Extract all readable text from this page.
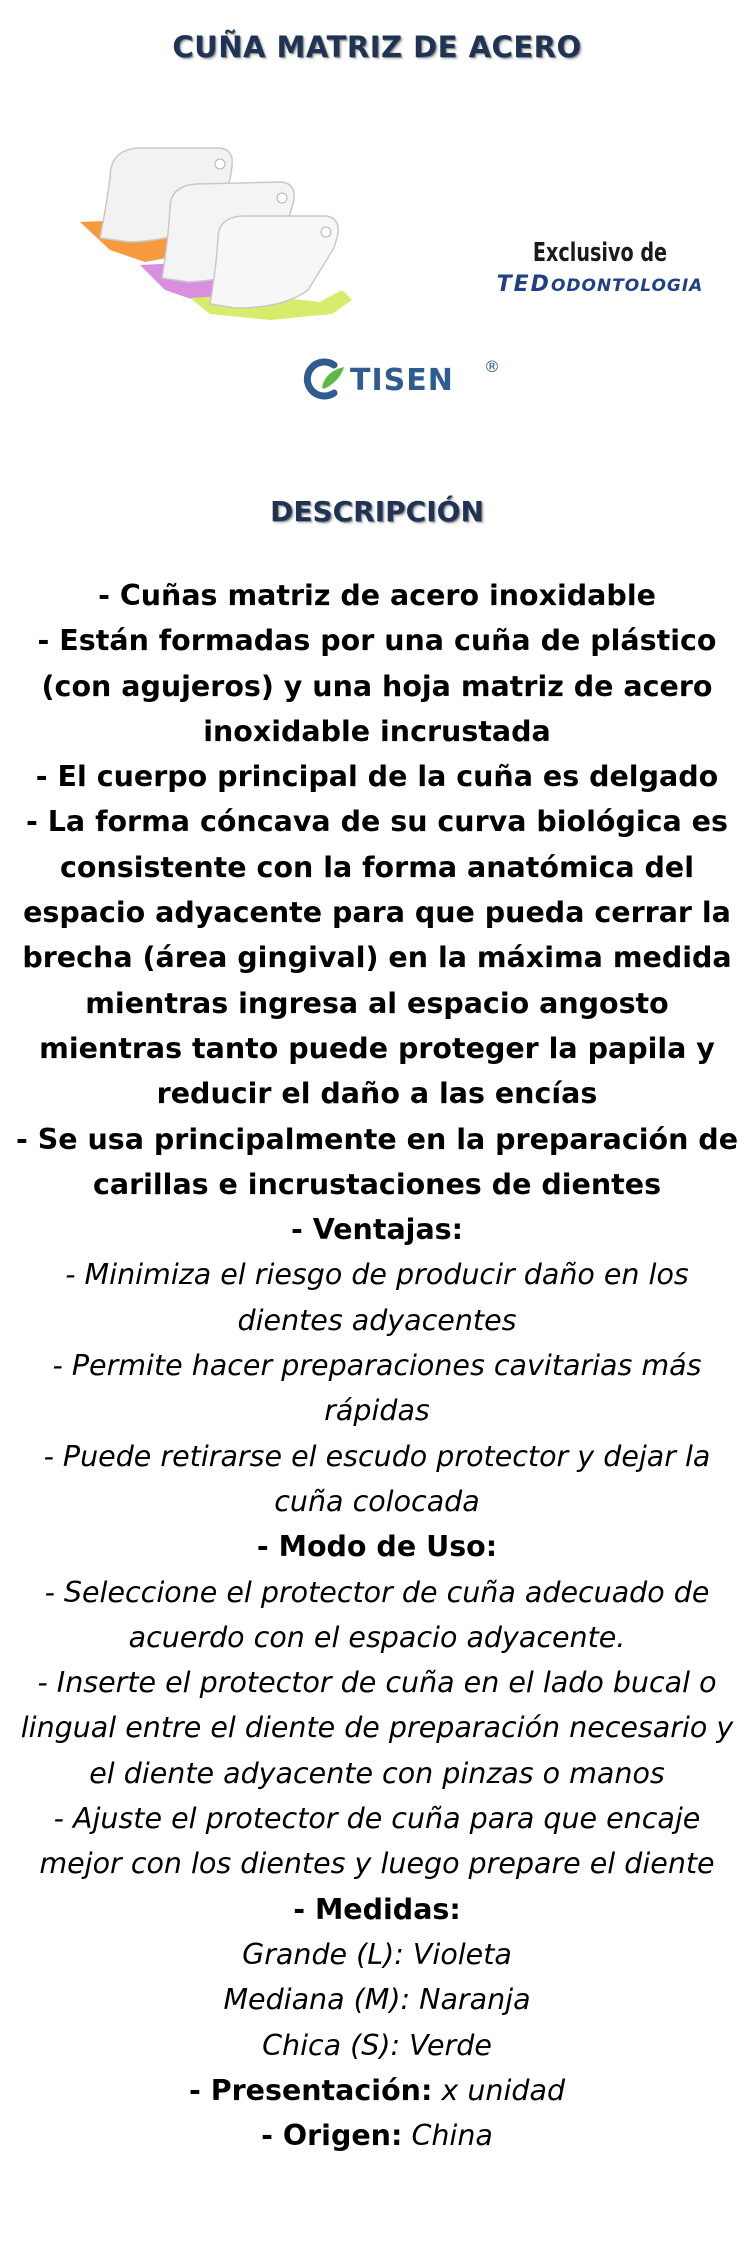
CUÑA MATRIZ DE ACERO
Exclusivo de
TEDODONTOLOGIA
TISEN ®
DESCRIPCIÓN

- Cuñas matriz de acero inoxidable

- Están formadas por una cuña de plástico (con agujeros) y una hoja matriz de acero inoxidable incrustada

- El cuerpo principal de la cuña es delgado

- La forma cóncava de su curva biológica es consistente con la forma anatómica del espacio adyacente para que pueda cerrar la brecha (área gingival) en la máxima medida mientras ingresa al espacio angosto mientras tanto puede proteger la papila y reducir el daño a las encías

- Se usa principalmente en la preparación de carillas e incrustaciones de dientes

- Ventajas:

- Minimiza el riesgo de producir daño en los dientes adyacentes

- Permite hacer preparaciones cavitarias más rápidas

- Puede retirarse el escudo protector y dejar la cuña colocada

- Modo de Uso:

- Seleccione el protector de cuña adecuado de acuerdo con el espacio adyacente.

- Inserte el protector de cuña en el lado bucal o lingual entre el diente de preparación necesario y el diente adyacente con pinzas o manos

- Ajuste el protector de cuña para que encaje mejor con los dientes y luego prepare el diente

- Medidas:

Grande (L): Violeta

Mediana (M): Naranja

Chica (S): Verde

- Presentación: x unidad

- Origen: China
